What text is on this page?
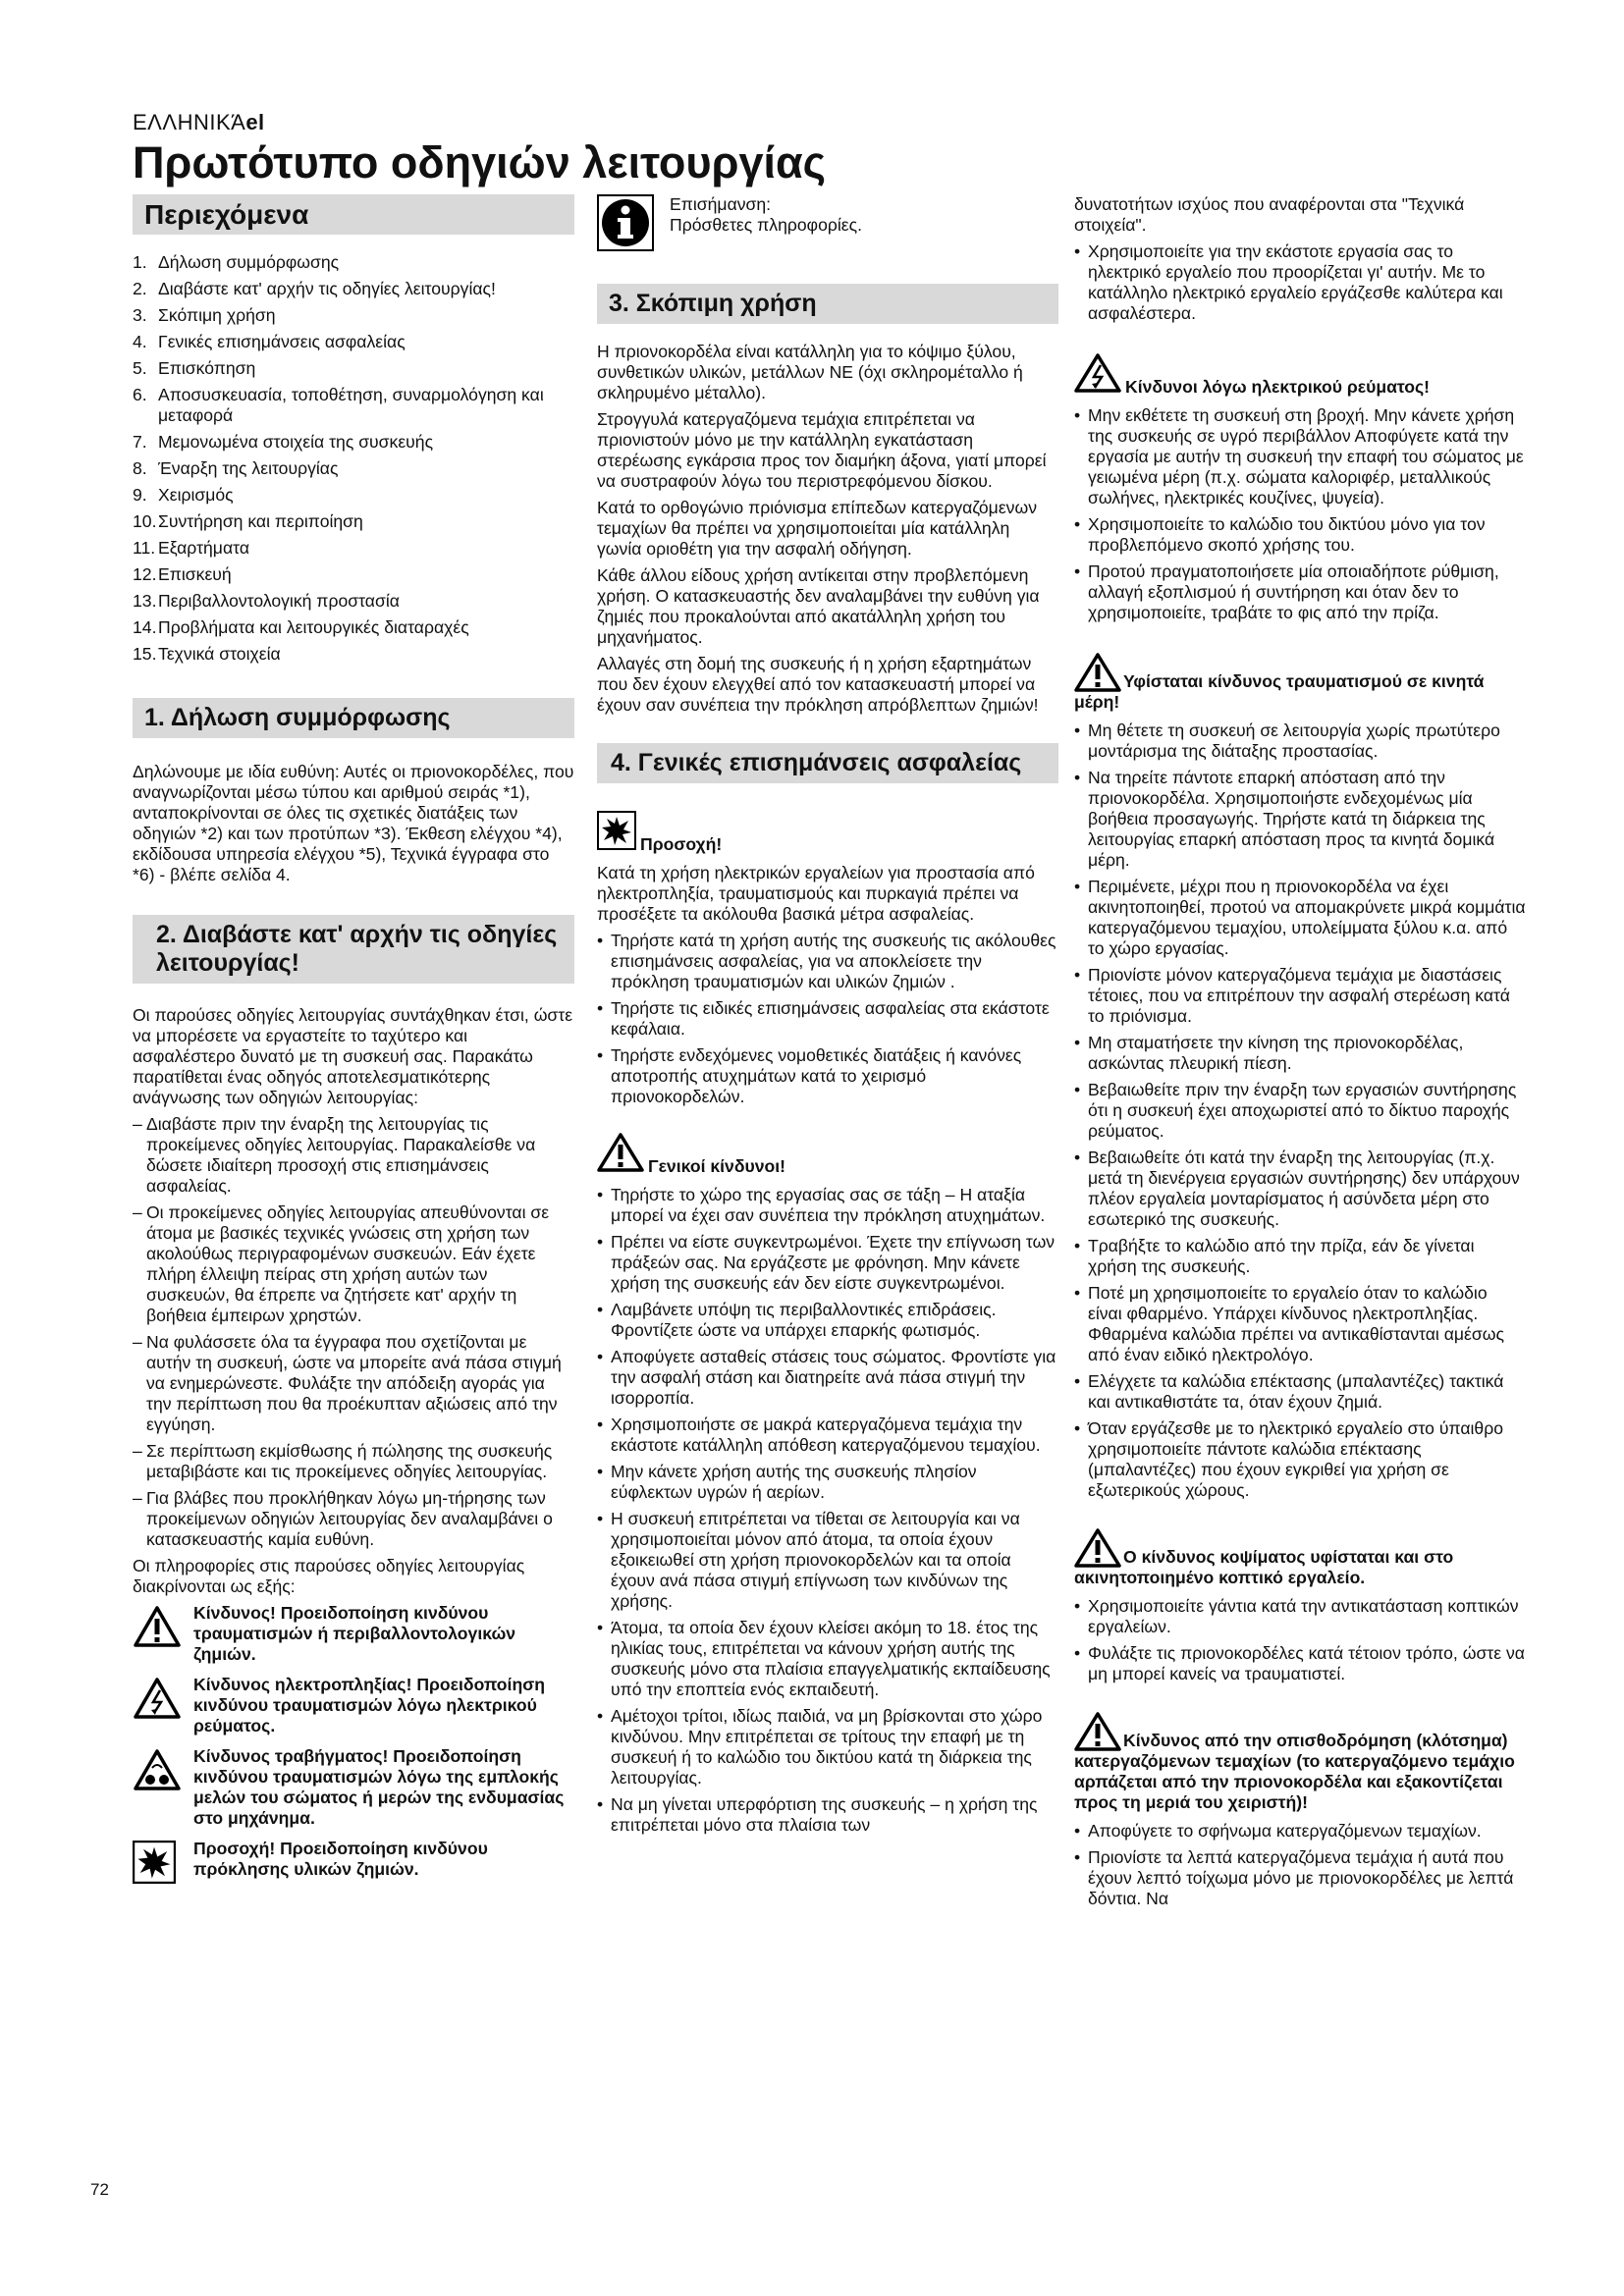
ΕΛΛΗΝΙΚΆel
Πρωτότυπο οδηγιών λειτουργίας
Περιεχόμενα
1. Δήλωση συμμόρφωσης
2. Διαβάστε κατ' αρχήν τις οδηγίες λειτουργίας!
3. Σκόπιμη χρήση
4. Γενικές επισημάνσεις ασφαλείας
5. Επισκόπηση
6. Αποσυσκευασία, τοποθέτηση, συναρμολόγηση και μεταφορά
7. Μεμονωμένα στοιχεία της συσκευής
8. Έναρξη της λειτουργίας
9. Χειρισμός
10. Συντήρηση και περιποίηση
11. Εξαρτήματα
12. Επισκευή
13. Περιβαλλοντολογική προστασία
14. Προβλήματα και λειτουργικές διαταραχές
15. Τεχνικά στοιχεία
1. Δήλωση συμμόρφωσης

Δηλώνουμε με ιδία ευθύνη: Αυτές οι πριονοκορδέλες, που αναγνωρίζονται μέσω τύπου και αριθμού σειράς *1), ανταποκρίνονται σε όλες τις σχετικές διατάξεις των οδηγιών *2) και των προτύπων *3). Έκθεση ελέγχου *4), εκδίδουσα υπηρεσία ελέγχου *5), Τεχνικά έγγραφα στο *6) - βλέπε σελίδα 4.

2. Διαβάστε κατ' αρχήν τις οδηγίες λειτουργίας!

Οι παρούσες οδηγίες λειτουργίας συντάχθηκαν έτσι, ώστε να μπορέσετε να εργαστείτε το ταχύτερο και ασφαλέστερο δυνατό με τη συσκευή σας. Παρακάτω παρατίθεται ένας οδηγός αποτελεσματικότερης ανάγνωσης των οδηγιών λειτουργίας:

– Διαβάστε πριν την έναρξη της λειτουργίας τις προκείμενες οδηγίες λειτουργίας. Παρακαλείσθε να δώσετε ιδιαίτερη προσοχή στις επισημάνσεις ασφαλείας.
– Οι προκείμενες οδηγίες λειτουργίας απευθύνονται σε άτομα με βασικές τεχνικές γνώσεις στη χρήση των ακολούθως περιγραφομένων συσκευών. Εάν έχετε πλήρη έλλειψη πείρας στη χρήση αυτών των συσκευών, θα έπρεπε να ζητήσετε κατ' αρχήν τη βοήθεια έμπειρων χρηστών.
– Να φυλάσσετε όλα τα έγγραφα που σχετίζονται με αυτήν τη συσκευή, ώστε να μπορείτε ανά πάσα στιγμή να ενημερώνεστε. Φυλάξτε την απόδειξη αγοράς για την περίπτωση που θα προέκυπταν αξιώσεις από την εγγύηση.
– Σε περίπτωση εκμίσθωσης ή πώλησης της συσκευής μεταβιβάστε και τις προκείμενες οδηγίες λειτουργίας.
– Για βλάβες που προκλήθηκαν λόγω μη-τήρησης των προκείμενων οδηγιών λειτουργίας δεν αναλαμβάνει ο κατασκευαστής καμία ευθύνη.

Οι πληροφορίες στις παρούσες οδηγίες λειτουργίας διακρίνονται ως εξής:

Κίνδυνος! Προειδοποίηση κινδύνου τραυματισμών ή περιβαλλοντολογικών ζημιών.
Κίνδυνος ηλεκτροπληξίας! Προειδοποίηση κινδύνου τραυματισμών λόγω ηλεκτρικού ρεύματος.
Κίνδυνος τραβήγματος! Προειδοποίηση κινδύνου τραυματισμών λόγω της εμπλοκής μελών του σώματος ή μερών της ενδυμασίας στο μηχάνημα.
Προσοχή! Προειδοποίηση κινδύνου πρόκλησης υλικών ζημιών.
72
Επισήμανση:
Πρόσθετες πληροφορίες.
3. Σκόπιμη χρήση

Η πριονοκορδέλα είναι κατάλληλη για το κόψιμο ξύλου, συνθετικών υλικών, μετάλλων ΝΕ (όχι σκληρομέταλλο ή σκληρυμένο μέταλλο).

Στρογγυλά κατεργαζόμενα τεμάχια επιτρέπεται να πριονιστούν μόνο με την κατάλληλη εγκατάσταση στερέωσης εγκάρσια προς τον διαμήκη άξονα, γιατί μπορεί να συστραφούν λόγω του περιστρεφόμενου δίσκου.

Κατά το ορθογώνιο πριόνισμα επίπεδων κατεργαζόμενων τεμαχίων θα πρέπει να χρησιμοποιείται μία κατάλληλη γωνία οριοθέτη για την ασφαλή οδήγηση.

Κάθε άλλου είδους χρήση αντίκειται στην προβλεπόμενη χρήση. Ο κατασκευαστής δεν αναλαμβάνει την ευθύνη για ζημιές που προκαλούνται από ακατάλληλη χρήση του μηχανήματος.

Αλλαγές στη δομή της συσκευής ή η χρήση εξαρτημάτων που δεν έχουν ελεγχθεί από τον κατασκευαστή μπορεί να έχουν σαν συνέπεια την πρόκληση απρόβλεπτων ζημιών!

4. Γενικές επισημάνσεις ασφαλείας
Προσοχή!

Κατά τη χρήση ηλεκτρικών εργαλείων για προστασία από ηλεκτροπληξία, τραυματισμούς και πυρκαγιά πρέπει να προσέξετε τα ακόλουθα βασικά μέτρα ασφαλείας.

• Τηρήστε κατά τη χρήση αυτής της συσκευής τις ακόλουθες επισημάνσεις ασφαλείας, για να αποκλείσετε την πρόκληση τραυματισμών και υλικών ζημιών .
• Τηρήστε τις ειδικές επισημάνσεις ασφαλείας στα εκάστοτε κεφάλαια.
• Τηρήστε ενδεχόμενες νομοθετικές διατάξεις ή κανόνες αποτροπής ατυχημάτων κατά το χειρισμό πριονοκορδελών.
Γενικοί κίνδυνοι!
• Τηρήστε το χώρο της εργασίας σας σε τάξη – Η αταξία μπορεί να έχει σαν συνέπεια την πρόκληση ατυχημάτων.
• Πρέπει να είστε συγκεντρωμένοι. Έχετε την επίγνωση των πράξεών σας. Να εργάζεστε με φρόνηση. Μην κάνετε χρήση της συσκευής εάν δεν είστε συγκεντρωμένοι.
• Λαμβάνετε υπόψη τις περιβαλλοντικές επιδράσεις. Φροντίζετε ώστε να υπάρχει επαρκής φωτισμός.
• Αποφύγετε ασταθείς στάσεις τους σώματος. Φροντίστε για την ασφαλή στάση και διατηρείτε ανά πάσα στιγμή την ισορροπία.
• Χρησιμοποιήστε σε μακρά κατεργαζόμενα τεμάχια την εκάστοτε κατάλληλη απόθεση κατεργαζόμενου τεμαχίου.
• Μην κάνετε χρήση αυτής της συσκευής πλησίον εύφλεκτων υγρών ή αερίων.
• Η συσκευή επιτρέπεται να τίθεται σε λειτουργία και να χρησιμοποιείται μόνον από άτομα, τα οποία έχουν εξοικειωθεί στη χρήση πριονοκορδελών και τα οποία έχουν ανά πάσα στιγμή επίγνωση των κινδύνων της χρήσης.
• Άτομα, τα οποία δεν έχουν κλείσει ακόμη το 18. έτος της ηλικίας τους, επιτρέπεται να κάνουν χρήση αυτής της συσκευής μόνο στα πλαίσια επαγγελματικής εκπαίδευσης υπό την εποπτεία ενός εκπαιδευτή.
• Αμέτοχοι τρίτοι, ιδίως παιδιά, να μη βρίσκονται στο χώρο κινδύνου. Μην επιτρέπεται σε τρίτους την επαφή με τη συσκευή ή το καλώδιο του δικτύου κατά τη διάρκεια της λειτουργίας.
• Να μη γίνεται υπερφόρτιση της συσκευής – η χρήση της επιτρέπεται μόνο στα πλαίσια των

δυνατοτήτων ισχύος που αναφέρονται στα "Τεχνικά στοιχεία".

• Χρησιμοποιείτε για την εκάστοτε εργασία σας το ηλεκτρικό εργαλείο που προορίζεται γι' αυτήν. Με το κατάλληλο ηλεκτρικό εργαλείο εργάζεσθε καλύτερα και ασφαλέστερα.
Κίνδυνοι λόγω ηλεκτρικού ρεύματος!
• Μην εκθέτετε τη συσκευή στη βροχή. Μην κάνετε χρήση της συσκευής σε υγρό περιβάλλον Αποφύγετε κατά την εργασία με αυτήν τη συσκευή την επαφή του σώματος με γειωμένα μέρη (π.χ. σώματα καλοριφέρ, μεταλλικούς σωλήνες, ηλεκτρικές κουζίνες, ψυγεία).
• Χρησιμοποιείτε το καλώδιο του δικτύου μόνο για τον προβλεπόμενο σκοπό χρήσης του.
• Προτού πραγματοποιήσετε μία οποιαδήποτε ρύθμιση, αλλαγή εξοπλισμού ή συντήρηση και όταν δεν το χρησιμοποιείτε, τραβάτε το φις από την πρίζα.
Υφίσταται κίνδυνος τραυματισμού σε κινητά μέρη!
• Μη θέτετε τη συσκευή σε λειτουργία χωρίς πρωτύτερο μοντάρισμα της διάταξης προστασίας.
• Να τηρείτε πάντοτε επαρκή απόσταση από την πριονοκορδέλα. Χρησιμοποιήστε ενδεχομένως μία βοήθεια προσαγωγής. Τηρήστε κατά τη διάρκεια της λειτουργίας επαρκή απόσταση προς τα κινητά δομικά μέρη.
• Περιμένετε, μέχρι που η πριονοκορδέλα να έχει ακινητοποιηθεί, προτού να απομακρύνετε μικρά κομμάτια κατεργαζόμενου τεμαχίου, υπολείμματα ξύλου κ.α. από το χώρο εργασίας.
• Πριονίστε μόνον κατεργαζόμενα τεμάχια με διαστάσεις τέτοιες, που να επιτρέπουν την ασφαλή στερέωση κατά το πριόνισμα.
• Μη σταματήσετε την κίνηση της πριονοκορδέλας, ασκώντας πλευρική πίεση.
• Βεβαιωθείτε πριν την έναρξη των εργασιών συντήρησης ότι η συσκευή έχει αποχωριστεί από το δίκτυο παροχής ρεύματος.
• Βεβαιωθείτε ότι κατά την έναρξη της λειτουργίας (π.χ. μετά τη διενέργεια εργασιών συντήρησης) δεν υπάρχουν πλέον εργαλεία μονταρίσματος ή ασύνδετα μέρη στο εσωτερικό της συσκευής.
• Τραβήξτε το καλώδιο από την πρίζα, εάν δε γίνεται χρήση της συσκευής.
• Ποτέ μη χρησιμοποιείτε το εργαλείο όταν το καλώδιο είναι φθαρμένο. Υπάρχει κίνδυνος ηλεκτροπληξίας. Φθαρμένα καλώδια πρέπει να αντικαθίστανται αμέσως από έναν ειδικό ηλεκτρολόγο.
• Ελέγχετε τα καλώδια επέκτασης (μπαλαντέζες) τακτικά και αντικαθιστάτε τα, όταν έχουν ζημιά.
• Όταν εργάζεσθε με το ηλεκτρικό εργαλείο στο ύπαιθρο χρησιμοποιείτε πάντοτε καλώδια επέκτασης (μπαλαντέζες) που έχουν εγκριθεί για χρήση σε εξωτερικούς χώρους.
Ο κίνδυνος κοψίματος υφίσταται και στο ακινητοποιημένο κοπτικό εργαλείο.
• Χρησιμοποιείτε γάντια κατά την αντικατάσταση κοπτικών εργαλείων.
• Φυλάξτε τις πριονοκορδέλες κατά τέτοιον τρόπο, ώστε να μη μπορεί κανείς να τραυματιστεί.
Κίνδυνος από την οπισθοδρόμηση (κλότσημα) κατεργαζόμενων τεμαχίων (το κατεργαζόμενο τεμάχιο αρπάζεται από την πριονοκορδέλα και εξακοντίζεται προς τη μεριά του χειριστή)!
• Αποφύγετε το σφήνωμα κατεργαζόμενων τεμαχίων.
• Πριονίστε τα λεπτά κατεργαζόμενα τεμάχια ή αυτά που έχουν λεπτό τοίχωμα μόνο με πριονοκορδέλες με λεπτά δόντια. Να
